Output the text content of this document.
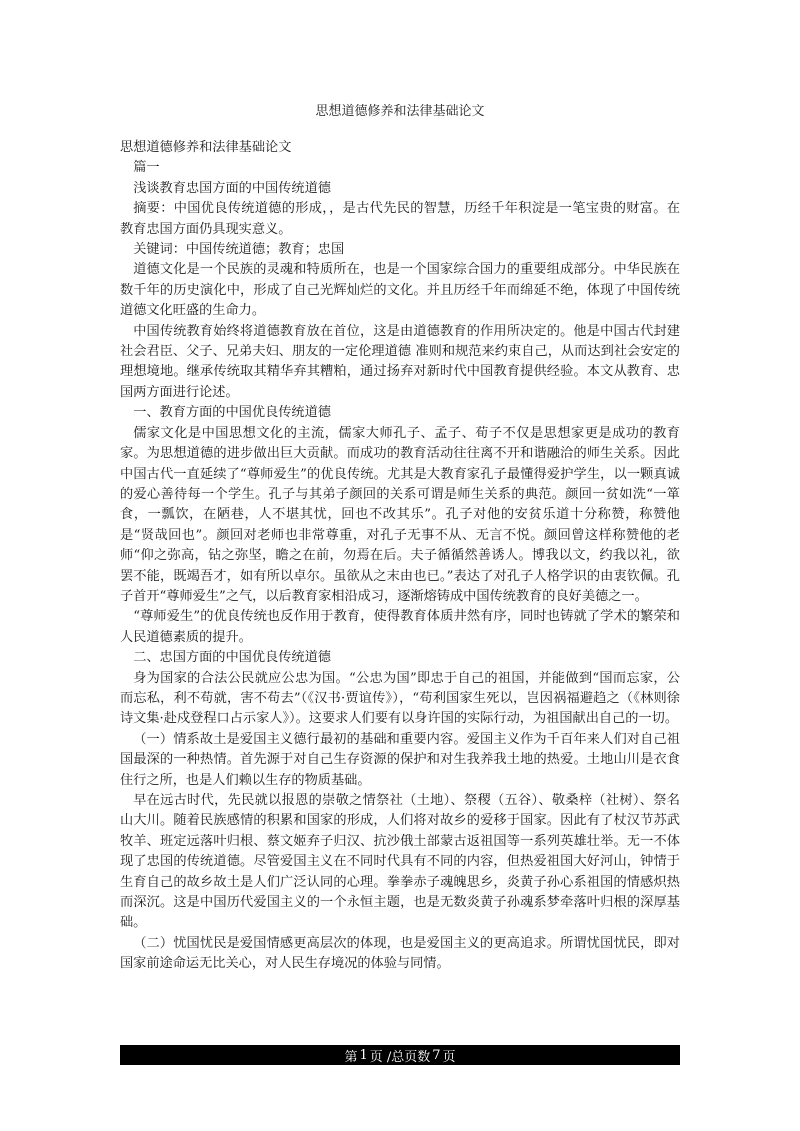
思想道德修养和法律基础论文
思想道德修养和法律基础论文

篇一

浅谈教育忠国方面的中国传统道德

摘要：中国优良传统道德的形成，，是古代先民的智慧，历经千年积淀是一笔宝贵的财富。在教育忠国方面仍具现实意义。

关键词：中国传统道德；教育；忠国

道德文化是一个民族的灵魂和特质所在，也是一个国家综合国力的重要组成部分。中华民族在数千年的历史演化中，形成了自己光辉灿烂的文化。并且历经千年而绵延不绝，体现了中国传统道德文化旺盛的生命力。

中国传统教育始终将道德教育放在首位，这是由道德教育的作用所决定的。他是中国古代封建社会君臣、父子、兄弟夫妇、朋友的一定伦理道德 准则和规范来约束自己，从而达到社会安定的理想境地。继承传统取其精华弃其糟粕，通过扬弃对新时代中国教育提供经验。本文从教育、忠国两方面进行论述。

一、教育方面的中国优良传统道德

儒家文化是中国思想文化的主流，儒家大师孔子、孟子、荀子不仅是思想家更是成功的教育家。为思想道德的进步做出巨大贡献。而成功的教育活动往往离不开和谐融洽的师生关系。因此中国古代一直延续了“尊师爱生”的优良传统。尤其是大教育家孔子最懂得爱护学生，以一颗真诚的爱心善待每一个学生。孔子与其弟子颜回的关系可谓是师生关系的典范。颜回一贫如洗“一箪食，一瓢饮，在陋巷，人不堪其忧，回也不改其乐”。孔子对他的安贫乐道十分称赞，称赞他是“贤哉回也”。颜回对老师也非常尊重，对孔子无事不从、无言不悦。颜回曾这样称赞他的老师“仰之弥高，钻之弥坚，瞻之在前，勿焉在后。夫子循循然善诱人。博我以文，约我以礼，欲罢不能，既竭吾才，如有所以卓尔。虽欲从之末由也已。”表达了对孔子人格学识的由衷钦佩。孔子首开“尊师爱生”之气，以后教育家相沿成习，逐渐熔铸成中国传统教育的良好美德之一。

“尊师爱生”的优良传统也反作用于教育，使得教育体质井然有序，同时也铸就了学术的繁荣和人民道德素质的提升。

二、忠国方面的中国优良传统道德

身为国家的合法公民就应公忠为国。“公忠为国”即忠于自己的祖国，并能做到“国而忘家，公而忘私，利不苟就，害不苟去”（《汉书·贾谊传》），“苟利国家生死以，岂因祸福避趋之（《林则徐诗文集·赴戍登程口占示家人》）。这要求人们要有以身许国的实际行动，为祖国献出自己的一切。

（一）情系故土是爱国主义德行最初的基础和重要内容。爱国主义作为千百年来人们对自己祖国最深的一种热情。首先源于对自己生存资源的保护和对生我养我土地的热爱。土地山川是衣食住行之所，也是人们赖以生存的物质基础。

早在远古时代，先民就以报恩的崇敬之情祭社（土地）、祭稷（五谷）、敬桑梓（社树）、祭名山大川。随着民族感情的积累和国家的形成，人们将对故乡的爱移于国家。因此有了杖汉节苏武牧羊、班定远落叶归根、蔡文姬弃子归汉、抗沙俄土部蒙古返祖国等一系列英雄壮举。无一不体现了忠国的传统道德。尽管爱国主义在不同时代具有不同的内容，但热爱祖国大好河山，钟情于生育自己的故乡故土是人们广泛认同的心理。拳拳赤子魂魄思乡，炎黄子孙心系祖国的情感炽热而深沉。这是中国历代爱国主义的一个永恒主题，也是无数炎黄子孙魂系梦牵落叶归根的深厚基础。

（二）忧国忧民是爱国情感更高层次的体现，也是爱国主义的更高追求。所谓忧国忧民，即对国家前途命运无比关心，对人民生存境况的体验与同情。

第 1 页 /总页数 7 页
